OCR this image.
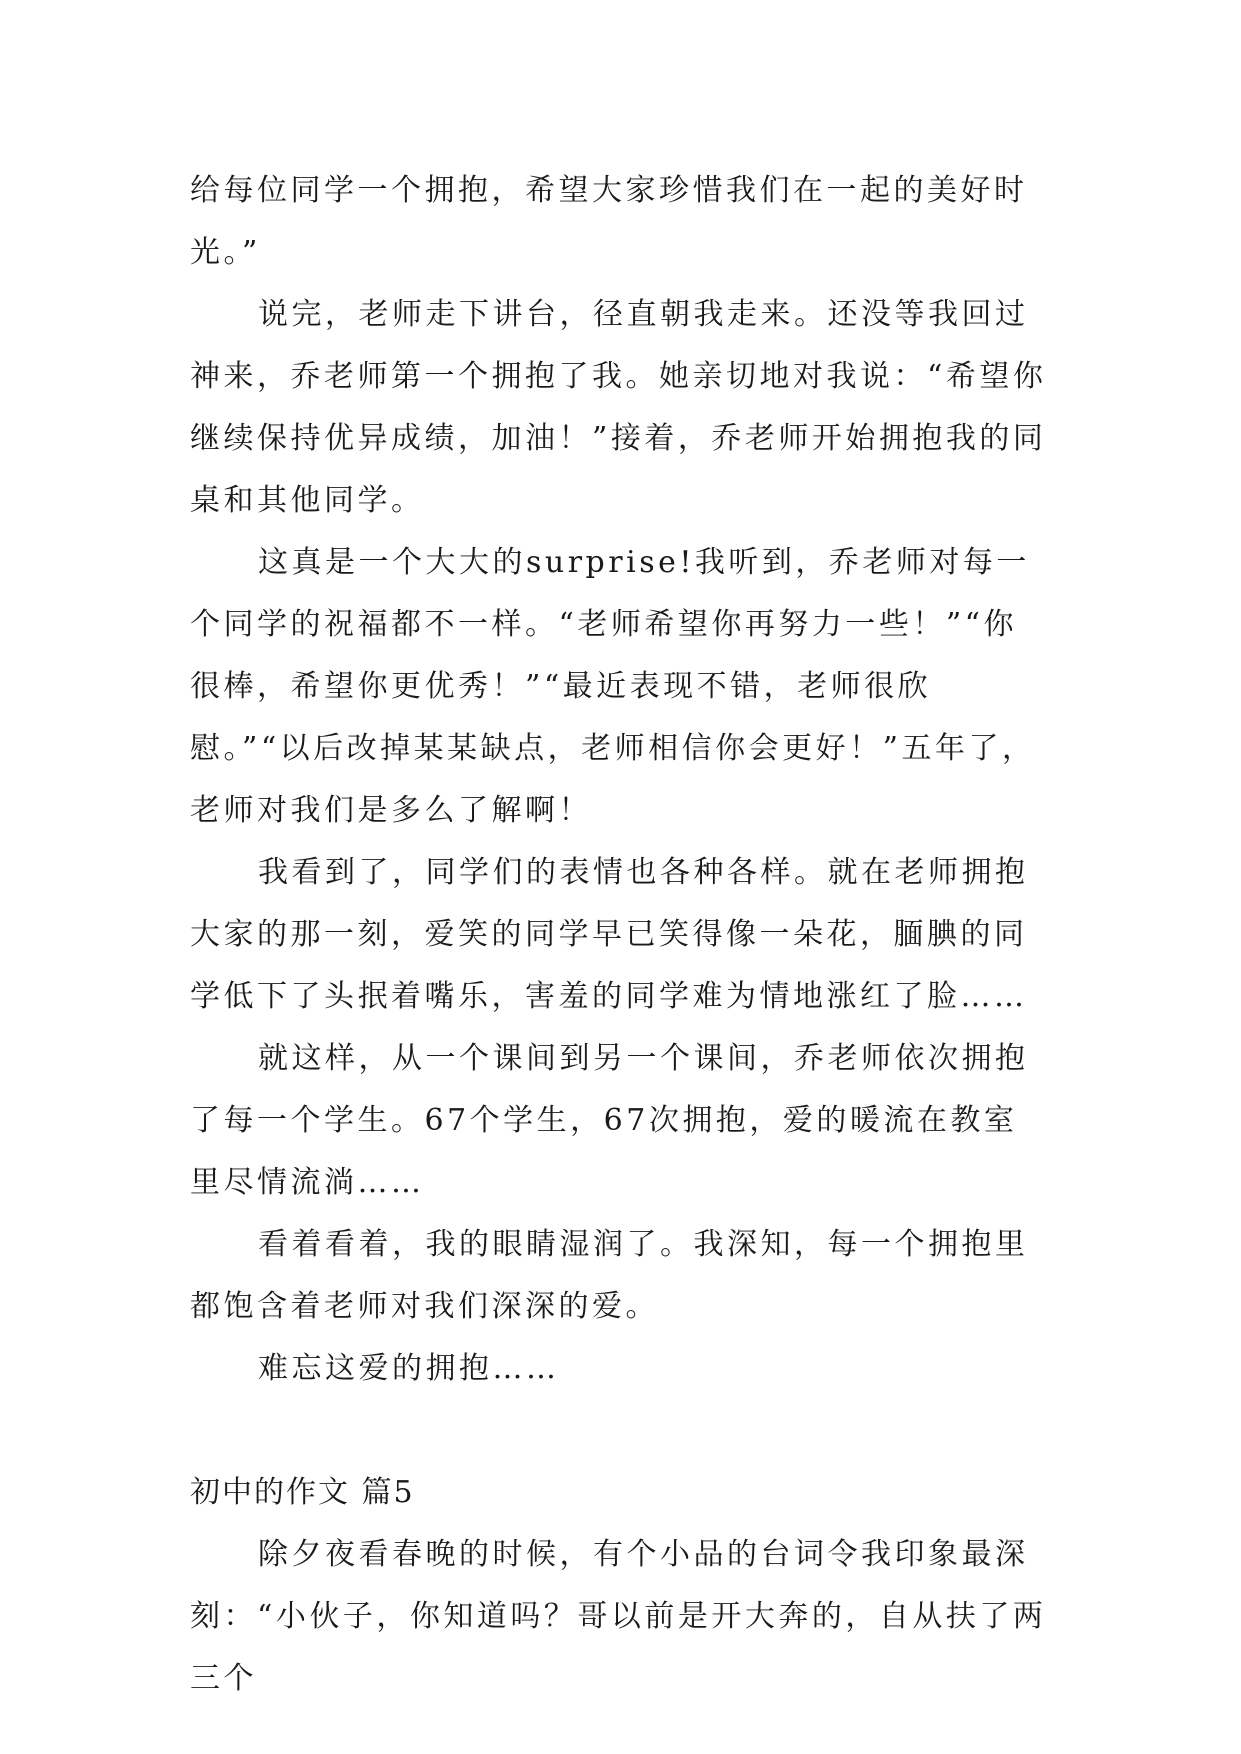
给每位同学一个拥抱，希望大家珍惜我们在一起的美好时光。”

说完，老师走下讲台，径直朝我走来。还没等我回过神来，乔老师第一个拥抱了我。她亲切地对我说：“希望你继续保持优异成绩，加油！”接着，乔老师开始拥抱我的同桌和其他同学。

这真是一个大大的surprise!我听到，乔老师对每一个同学的祝福都不一样。“老师希望你再努力一些！”“你很棒，希望你更优秀！”“最近表现不错，老师很欣慰。”“以后改掉某某缺点，老师相信你会更好！”五年了，老师对我们是多么了解啊！

我看到了，同学们的表情也各种各样。就在老师拥抱大家的那一刻，爱笑的同学早已笑得像一朵花，腼腆的同学低下了头抿着嘴乐，害羞的同学难为情地涨红了脸……

就这样，从一个课间到另一个课间，乔老师依次拥抱了每一个学生。67个学生，67次拥抱，爱的暖流在教室里尽情流淌……

看着看着，我的眼睛湿润了。我深知，每一个拥抱里都饱含着老师对我们深深的爱。

难忘这爱的拥抱……

初中的作文 篇5

除夕夜看春晚的时候，有个小品的台词令我印象最深刻：“小伙子，你知道吗？哥以前是开大奔的，自从扶了两三个
